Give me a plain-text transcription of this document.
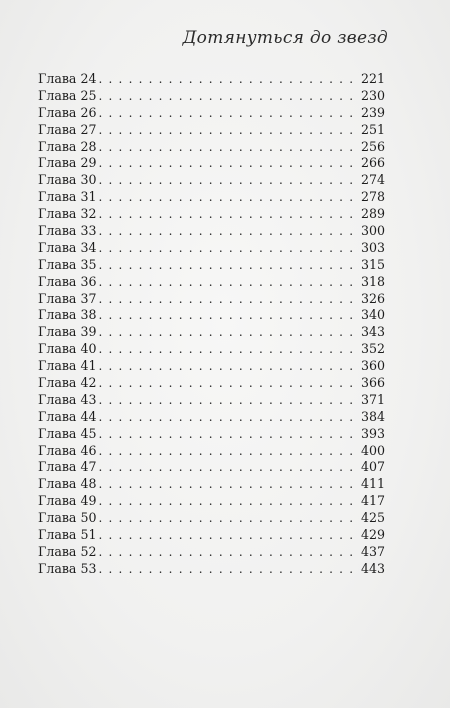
Дотянуться до звезд
Глава 24 . . .	221
Глава 25 . . .	230
Глава 26 . . .	239
Глава 27 . . .	251
Глава 28 . . .	256
Глава 29 . . .	266
Глава 30 . . .	274
Глава 31 . . .	278
Глава 32 . . .	289
Глава 33 . . .	300
Глава 34 . . .	303
Глава 35 . . .	315
Глава 36 . . .	318
Глава 37 . . .	326
Глава 38 . . .	340
Глава 39 . . .	343
Глава 40 . . .	352
Глава 41 . . .	360
Глава 42 . . .	366
Глава 43 . . .	371
Глава 44 . . .	384
Глава 45 . . .	393
Глава 46 . . .	400
Глава 47 . . .	407
Глава 48 . . .	411
Глава 49 . . .	417
Глава 50 . . .	425
Глава 51 . . .	429
Глава 52 . . .	437
Глава 53 . . .	443
